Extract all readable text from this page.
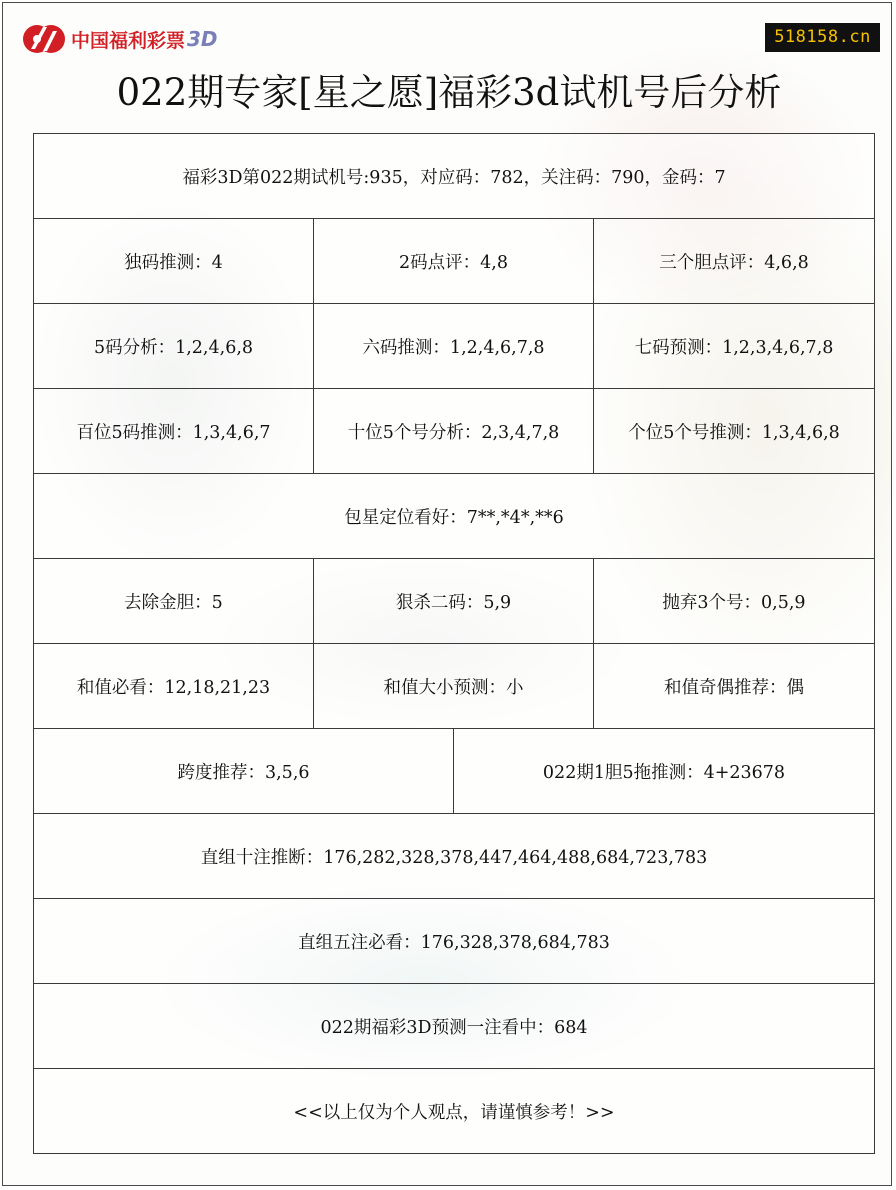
中国福利彩票 3D	518158.cn
022期专家[星之愿]福彩3d试机号后分析
福彩3D第022期试机号:935，对应码：782，关注码：790，金码：7			
独码推测：4	2码点评：4,8		三个胆点评：4,6,8
5码分析：1,2,4,6,8	六码推测：1,2,4,6,7,8		七码预测：1,2,3,4,6,7,8
百位5码推测：1,3,4,6,7	十位5个号分析：2,3,4,7,8		个位5个号推测：1,3,4,6,8
包星定位看好：7**,*4*,**6			
去除金胆：5	狠杀二码：5,9		抛弃3个号：0,5,9
和值必看：12,18,21,23	和值大小预测：小		和值奇偶推荐：偶
跨度推荐：3,5,6		022期1胆5拖推测：4+23678	
直组十注推断：176,282,328,378,447,464,488,684,723,783			
直组五注必看：176,328,378,684,783			
022期福彩3D预测一注看中：684			
<<以上仅为个人观点，请谨慎参考！>>			
